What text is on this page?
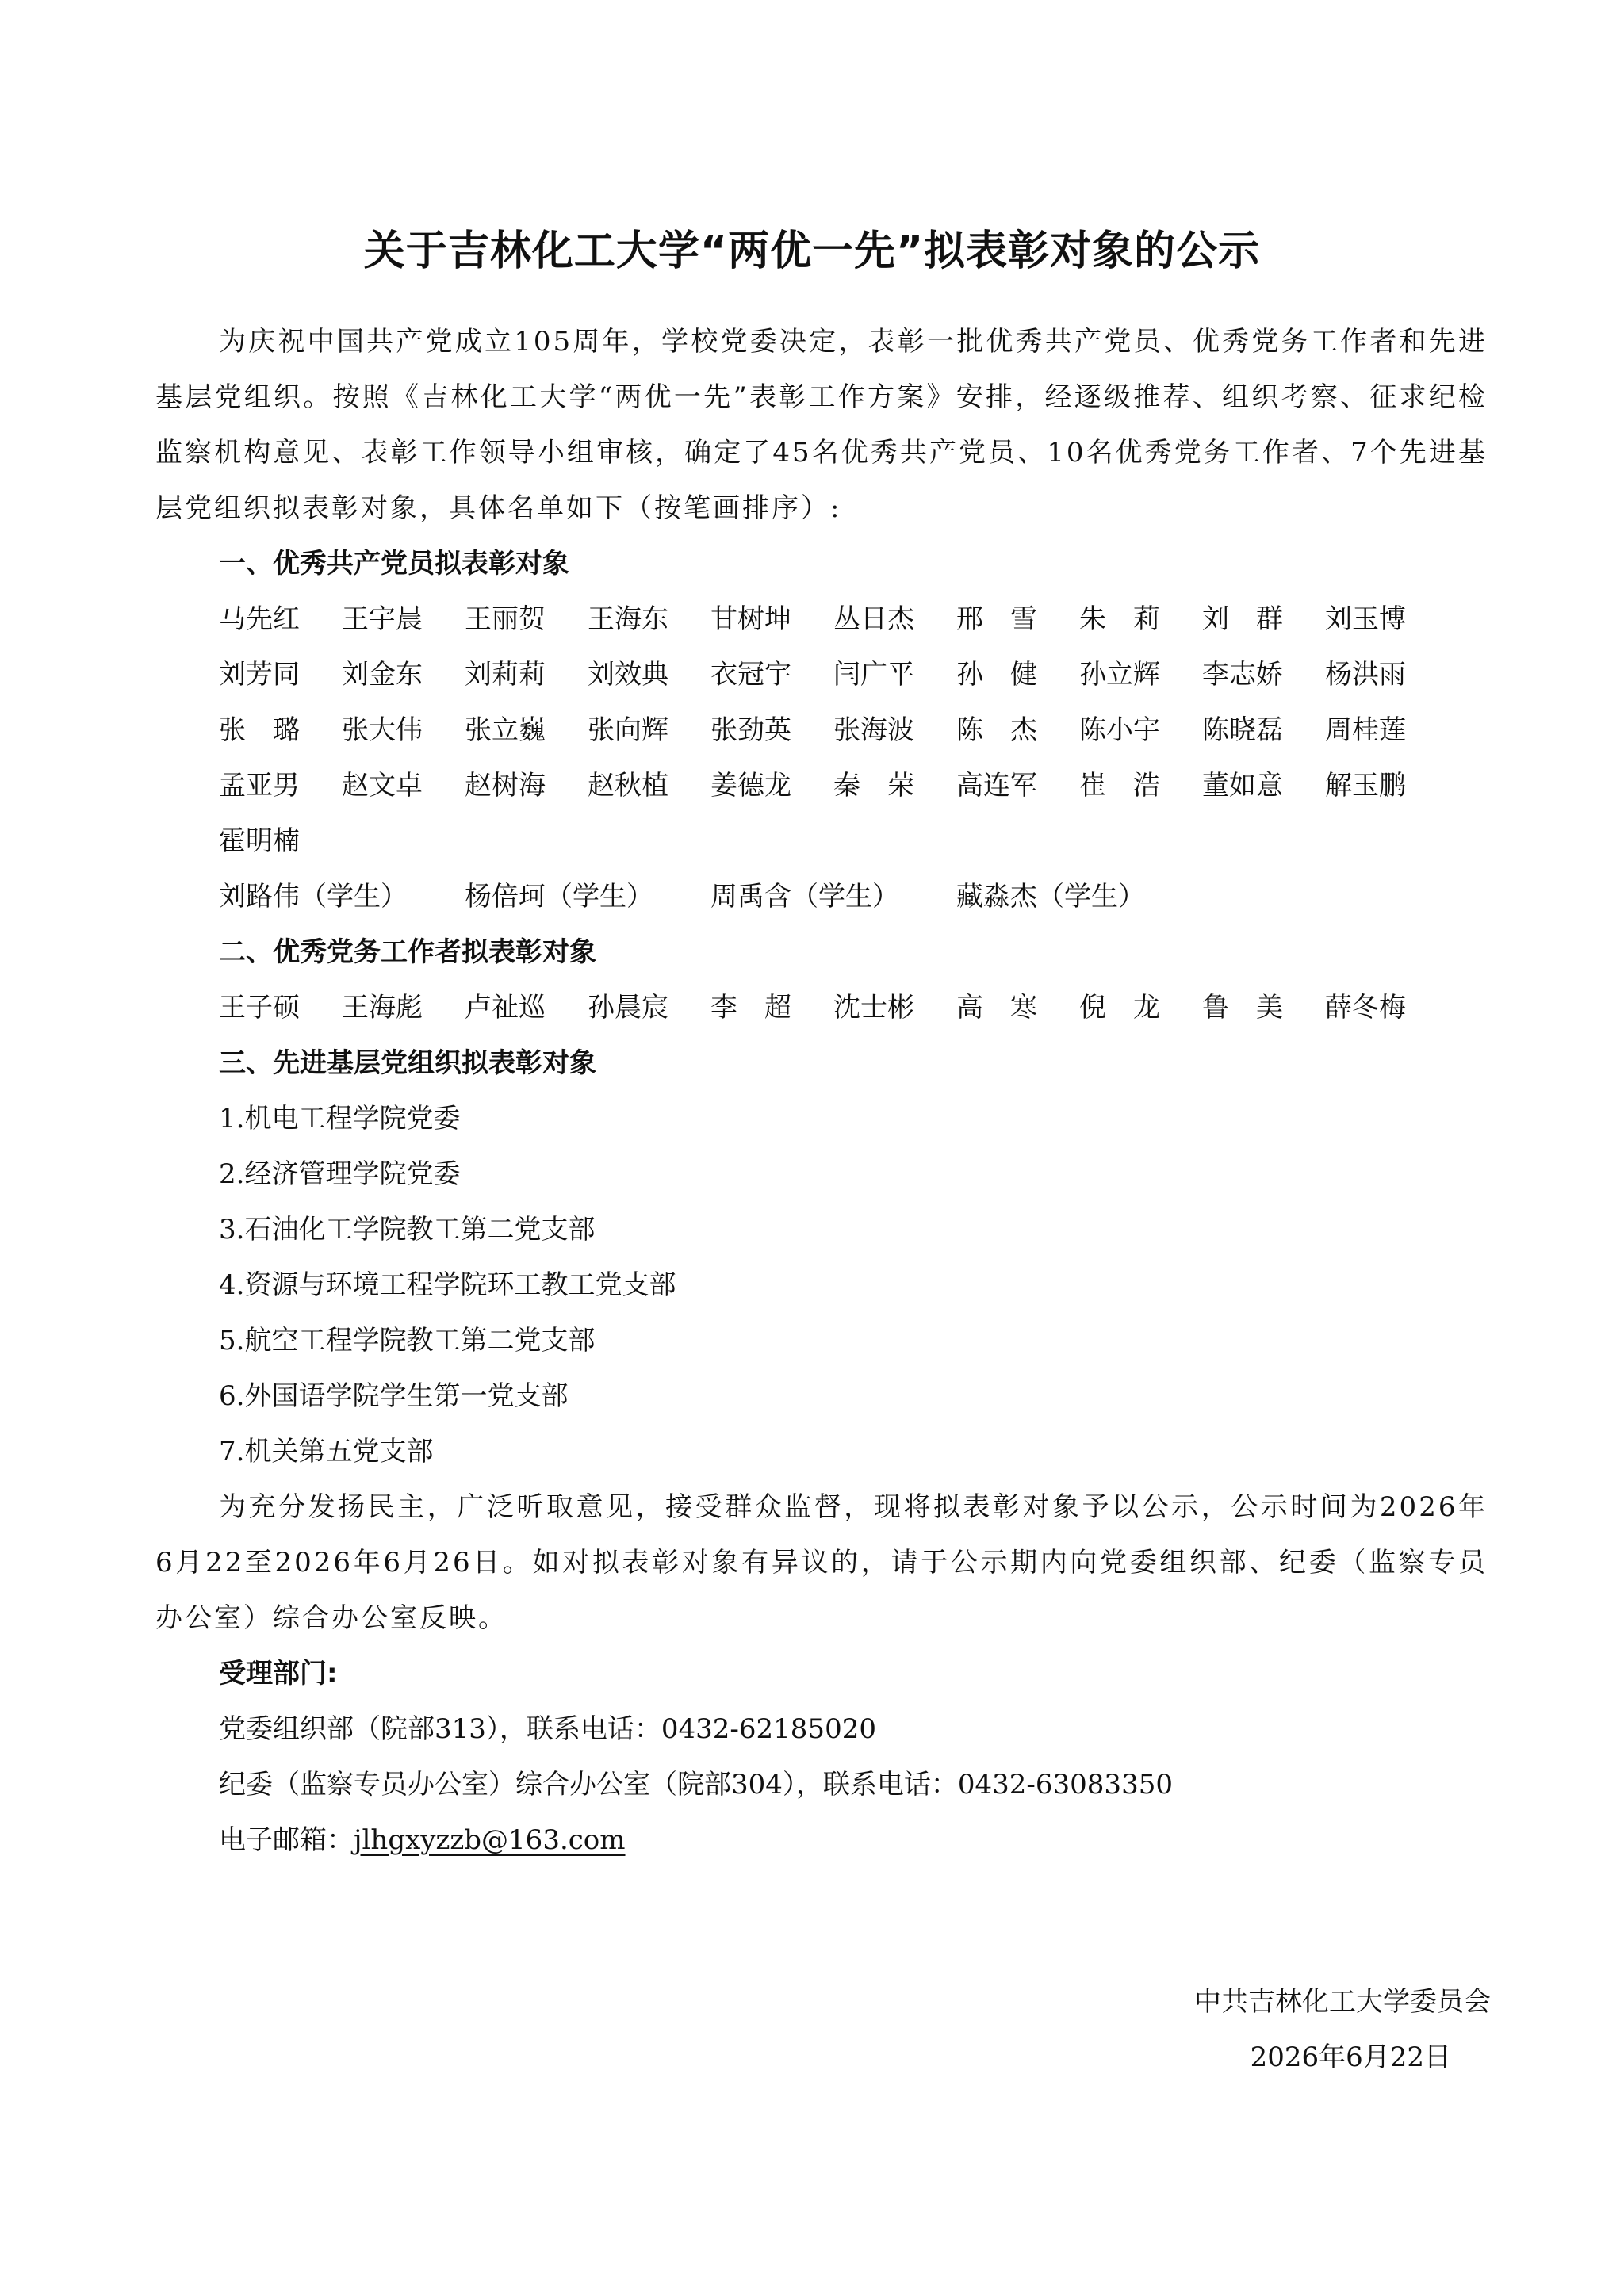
关于吉林化工大学“两优一先”拟表彰对象的公示
为庆祝中国共产党成立105周年，学校党委决定，表彰一批优秀共产党员、优秀党务工作者和先进基层党组织。按照《吉林化工大学“两优一先”表彰工作方案》安排，经逐级推荐、组织考察、征求纪检监察机构意见、表彰工作领导小组审核，确定了45名优秀共产党员、10名优秀党务工作者、7个先进基层党组织拟表彰对象，具体名单如下（按笔画排序）:
一、优秀共产党员拟表彰对象
马先红	王宇晨	王丽贺	王海东	甘树坤	丛日杰	邢　雪	朱　莉	刘　群	刘玉博
刘芳同	刘金东	刘莉莉	刘效典	衣冠宇	闫广平	孙　健	孙立辉	李志娇	杨洪雨
张　璐	张大伟	张立巍	张向辉	张劲英	张海波	陈　杰	陈小宇	陈晓磊	周桂莲
孟亚男	赵文卓	赵树海	赵秋植	姜德龙	秦　荣	高连军	崔　浩	董如意	解玉鹏
霍明楠
刘路伟（学生）	杨倍珂（学生）	周禹含（学生）	藏淼杰（学生）
二、优秀党务工作者拟表彰对象
王子硕	王海彪	卢祉巡	孙晨宸	李　超	沈士彬	高　寒	倪　龙	鲁　美	薛冬梅
三、先进基层党组织拟表彰对象
1.机电工程学院党委
2.经济管理学院党委
3.石油化工学院教工第二党支部
4.资源与环境工程学院环工教工党支部
5.航空工程学院教工第二党支部
6.外国语学院学生第一党支部
7.机关第五党支部
为充分发扬民主，广泛听取意见，接受群众监督，现将拟表彰对象予以公示，公示时间为2026年6月22至2026年6月26日。如对拟表彰对象有异议的，请于公示期内向党委组织部、纪委（监察专员办公室）综合办公室反映。
受理部门:
党委组织部（院部313），联系电话：0432-62185020
纪委（监察专员办公室）综合办公室（院部304），联系电话：0432-63083350
电子邮箱：jlhgxyzzb@163.com
中共吉林化工大学委员会
2026年6月22日
